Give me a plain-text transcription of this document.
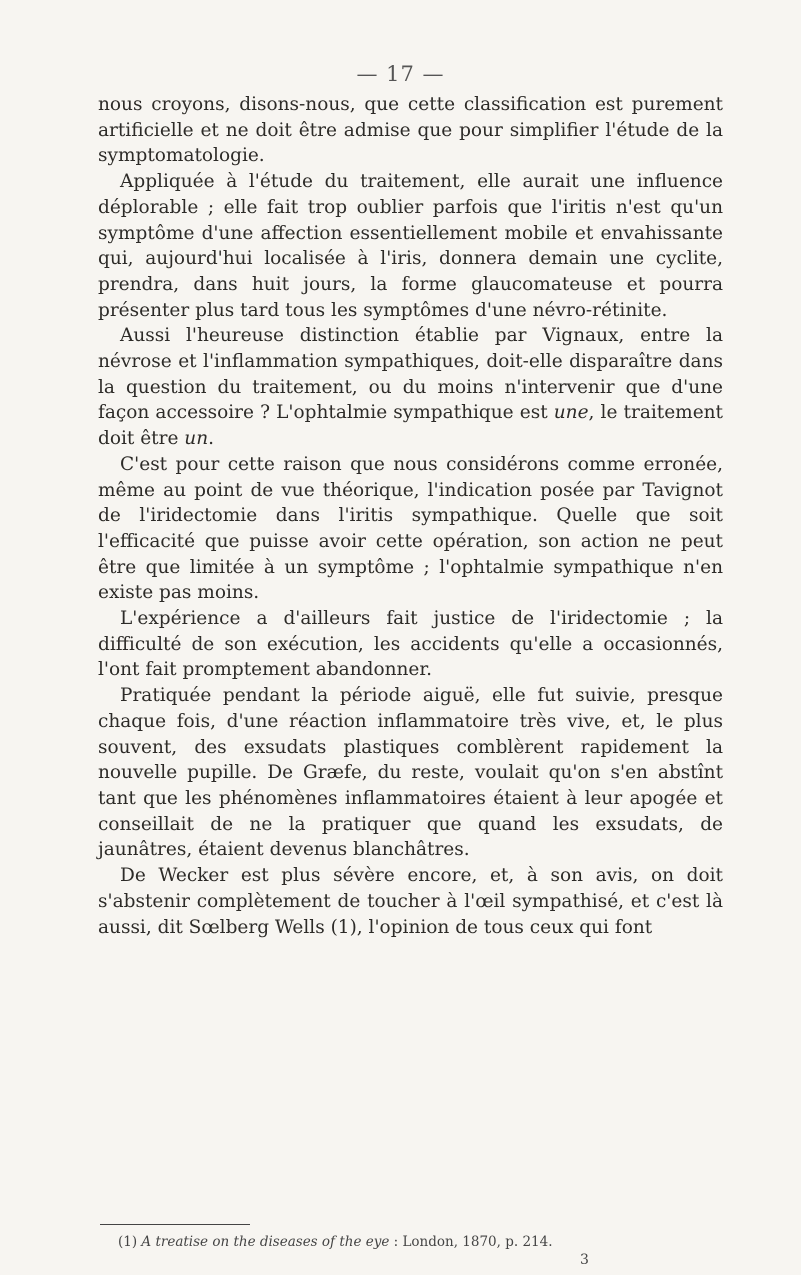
— 17 —

nous croyons, disons-nous, que cette classification est purement artificielle et ne doit être admise que pour simplifier l'étude de la symptomatologie.

Appliquée à l'étude du traitement, elle aurait une influence déplorable ; elle fait trop oublier parfois que l'iritis n'est qu'un symptôme d'une affection essentiellement mobile et envahissante qui, aujourd'hui localisée à l'iris, donnera demain une cyclite, prendra, dans huit jours, la forme glaucomateuse et pourra présenter plus tard tous les symptômes d'une névro-rétinite.

Aussi l'heureuse distinction établie par Vignaux, entre la névrose et l'inflammation sympathiques, doit-elle disparaître dans la question du traitement, ou du moins n'intervenir que d'une façon accessoire ? L'ophtalmie sympathique est une, le traitement doit être un.

C'est pour cette raison que nous considérons comme erronée, même au point de vue théorique, l'indication posée par Tavignot de l'iridectomie dans l'iritis sympathique. Quelle que soit l'efficacité que puisse avoir cette opération, son action ne peut être que limitée à un symptôme ; l'ophtalmie sympathique n'en existe pas moins.

L'expérience a d'ailleurs fait justice de l'iridectomie ; la difficulté de son exécution, les accidents qu'elle a occasionnés, l'ont fait promptement abandonner.

Pratiquée pendant la période aiguë, elle fut suivie, presque chaque fois, d'une réaction inflammatoire très vive, et, le plus souvent, des exsudats plastiques comblèrent rapidement la nouvelle pupille. De Græfe, du reste, voulait qu'on s'en abstînt tant que les phénomènes inflammatoires étaient à leur apogée et conseillait de ne la pratiquer que quand les exsudats, de jaunâtres, étaient devenus blanchâtres.

De Wecker est plus sévère encore, et, à son avis, on doit s'abstenir complètement de toucher à l'œil sympathisé, et c'est là aussi, dit Sœlberg Wells (1), l'opinion de tous ceux qui font

(1) A treatise on the diseases of the eye : London, 1870, p. 214.
3
